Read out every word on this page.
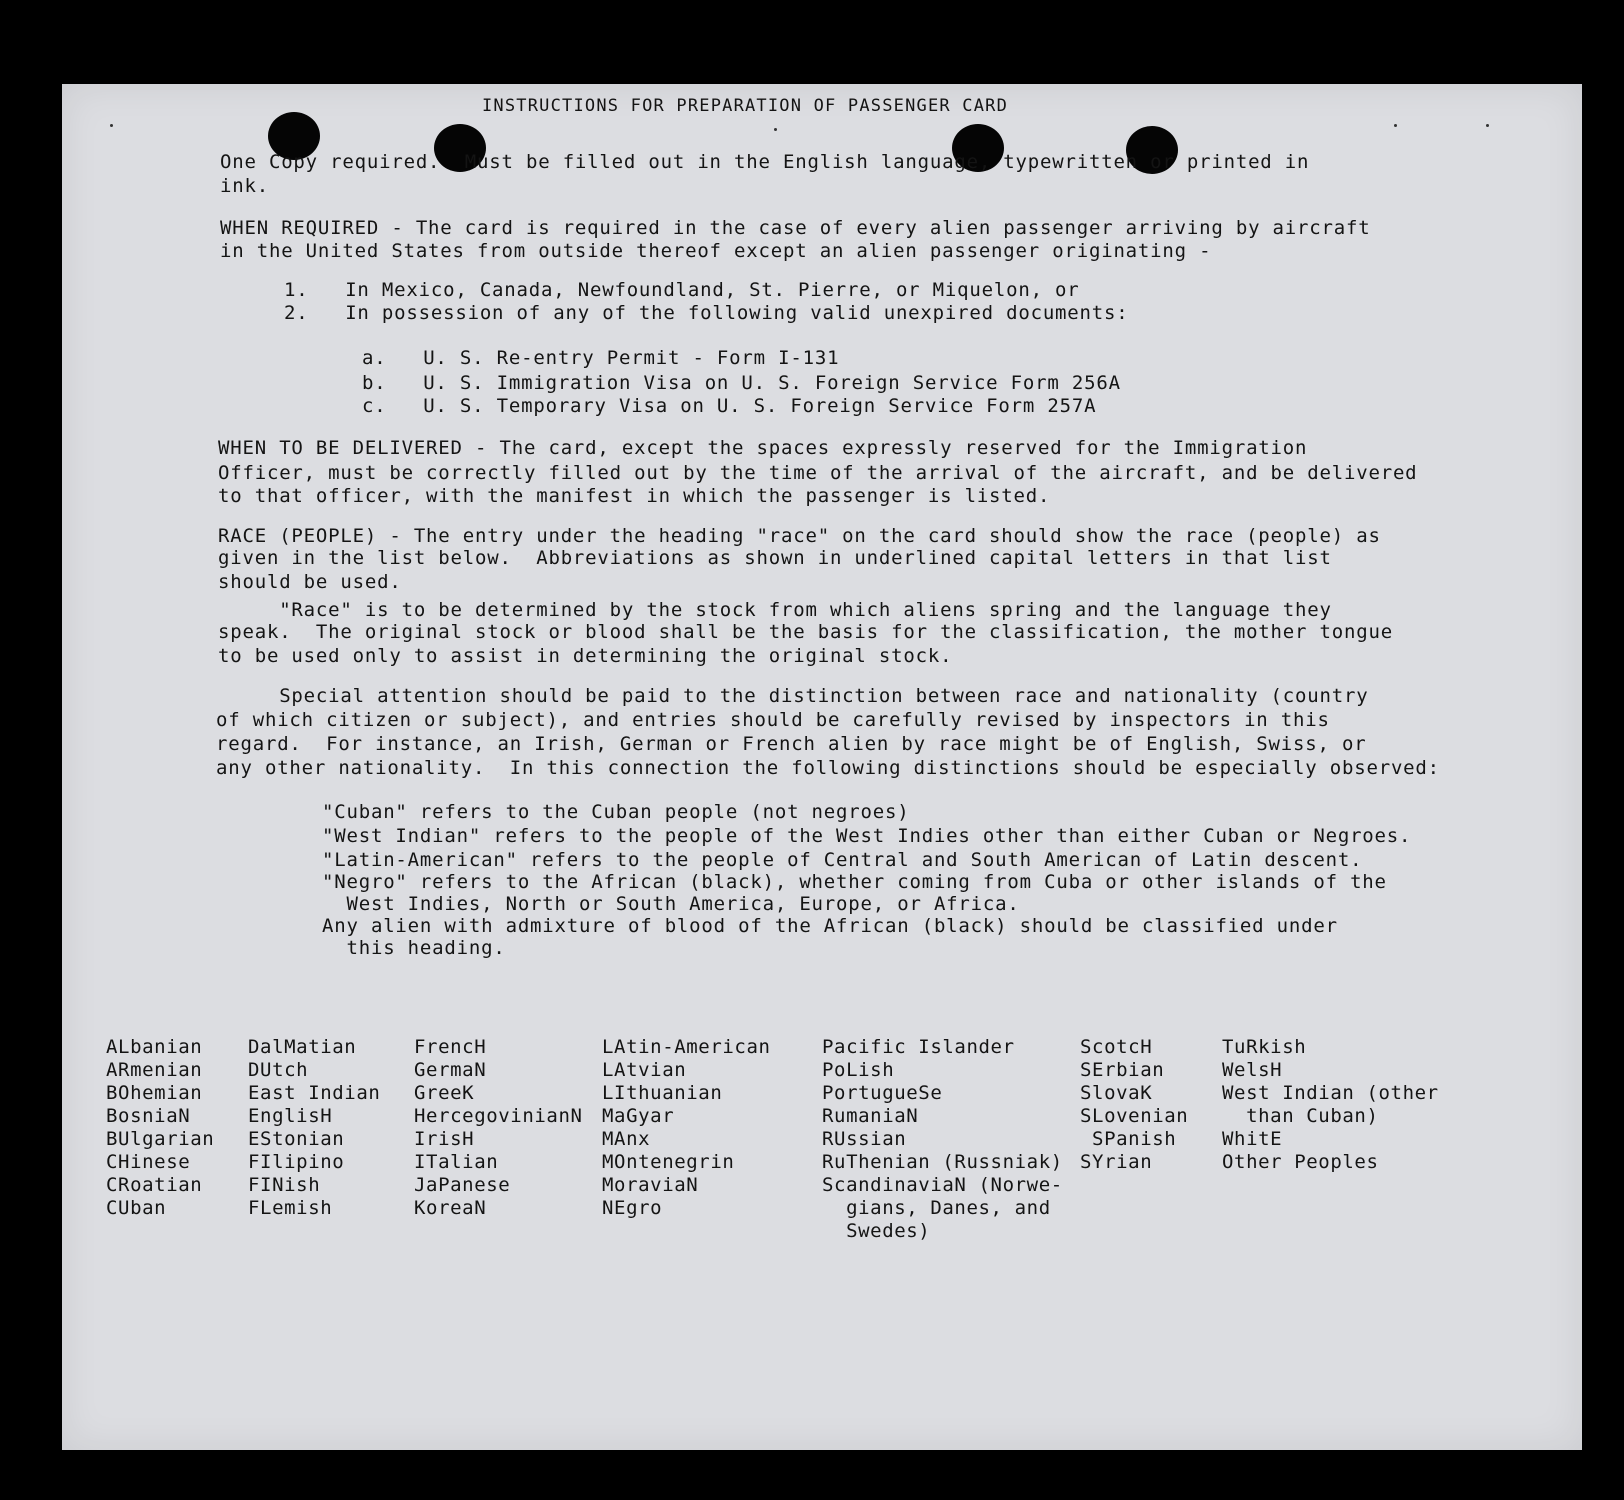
INSTRUCTIONS FOR PREPARATION OF PASSENGER CARD
One Copy required.  Must be filled out in the English language, typewritten or printed in
ink.
WHEN REQUIRED - The card is required in the case of every alien passenger arriving by aircraft
in the United States from outside thereof except an alien passenger originating -
1.   In Mexico, Canada, Newfoundland, St. Pierre, or Miquelon, or
2.   In possession of any of the following valid unexpired documents:
a.   U. S. Re-entry Permit - Form I-131
b.   U. S. Immigration Visa on U. S. Foreign Service Form 256A
c.   U. S. Temporary Visa on U. S. Foreign Service Form 257A
WHEN TO BE DELIVERED - The card, except the spaces expressly reserved for the Immigration
Officer, must be correctly filled out by the time of the arrival of the aircraft, and be delivered
to that officer, with the manifest in which the passenger is listed.
RACE (PEOPLE) - The entry under the heading "race" on the card should show the race (people) as
given in the list below.  Abbreviations as shown in underlined capital letters in that list
should be used.
"Race" is to be determined by the stock from which aliens spring and the language they
speak.  The original stock or blood shall be the basis for the classification, the mother tongue
to be used only to assist in determining the original stock.
Special attention should be paid to the distinction between race and nationality (country
of which citizen or subject), and entries should be carefully revised by inspectors in this
regard.  For instance, an Irish, German or French alien by race might be of English, Swiss, or
any other nationality.  In this connection the following distinctions should be especially observed:
"Cuban" refers to the Cuban people (not negroes)
"West Indian" refers to the people of the West Indies other than either Cuban or Negroes.
"Latin-American" refers to the people of Central and South American of Latin descent.
"Negro" refers to the African (black), whether coming from Cuba or other islands of the
West Indies, North or South America, Europe, or Africa.
Any alien with admixture of blood of the African (black) should be classified under
this heading.
ALbanian
ARmenian
BOhemian
BosniaN
BUlgarian
CHinese
CRoatian
CUban
DalMatian
DUtch
East Indian
EnglisH
EStonian
FIlipino
FINish
FLemish
FrencH
GermaN
GreeK
HercegovinianN
IrisH
ITalian
JaPanese
KoreaN
LAtin-American
LAtvian
LIthuanian
MaGyar
MAnx
MOntenegrin
MoraviaN
NEgro
Pacific Islander
PoLish
PortugueSe
RumaniaN
RUssian
RuThenian (Russniak)
ScandinaviaN (Norwe-
gians, Danes, and
Swedes)
ScotcH
SErbian
SlovaK
SLovenian
SPanish
SYrian
TuRkish
WelsH
West Indian (other
than Cuban)
WhitE
Other Peoples
